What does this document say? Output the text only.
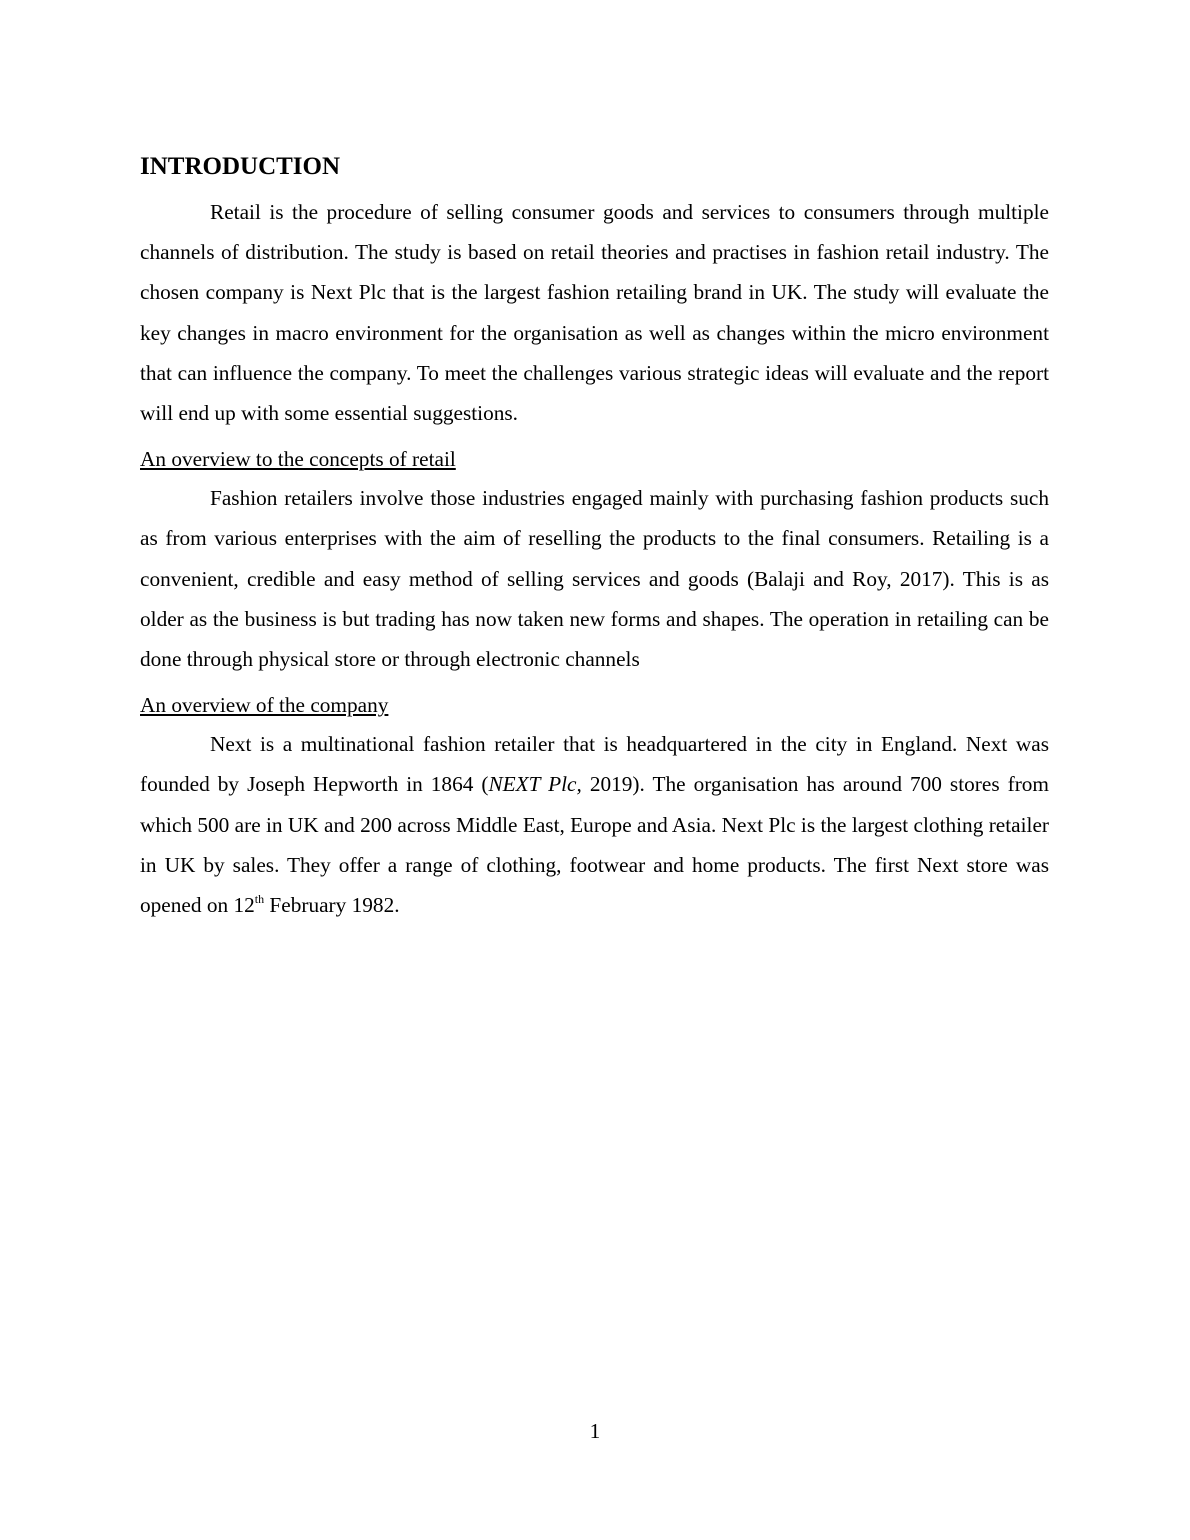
INTRODUCTION

Retail is the procedure of selling consumer goods and services to consumers through multiple channels of distribution. The study is based on retail theories and practises in fashion retail industry. The chosen company is Next Plc that is the largest fashion retailing brand in UK. The study will evaluate the key changes in macro environment for the organisation as well as changes within the micro environment that can influence the company. To meet the challenges various strategic ideas will evaluate and the report will end up with some essential suggestions.

An overview to the concepts of retail

Fashion retailers involve those industries engaged mainly with purchasing fashion products such as from various enterprises with the aim of reselling the products to the final consumers. Retailing is a convenient, credible and easy method of selling services and goods (Balaji and Roy, 2017). This is as older as the business is but trading has now taken new forms and shapes. The operation in retailing can be done through physical store or through electronic channels

An overview of the company

Next is a multinational fashion retailer that is headquartered in the city in England. Next was founded by Joseph Hepworth in 1864 (NEXT Plc, 2019). The organisation has around 700 stores from which 500 are in UK and 200 across Middle East, Europe and Asia. Next Plc is the largest clothing retailer in UK by sales. They offer a range of clothing, footwear and home products. The first Next store was opened on 12th February 1982.

1
